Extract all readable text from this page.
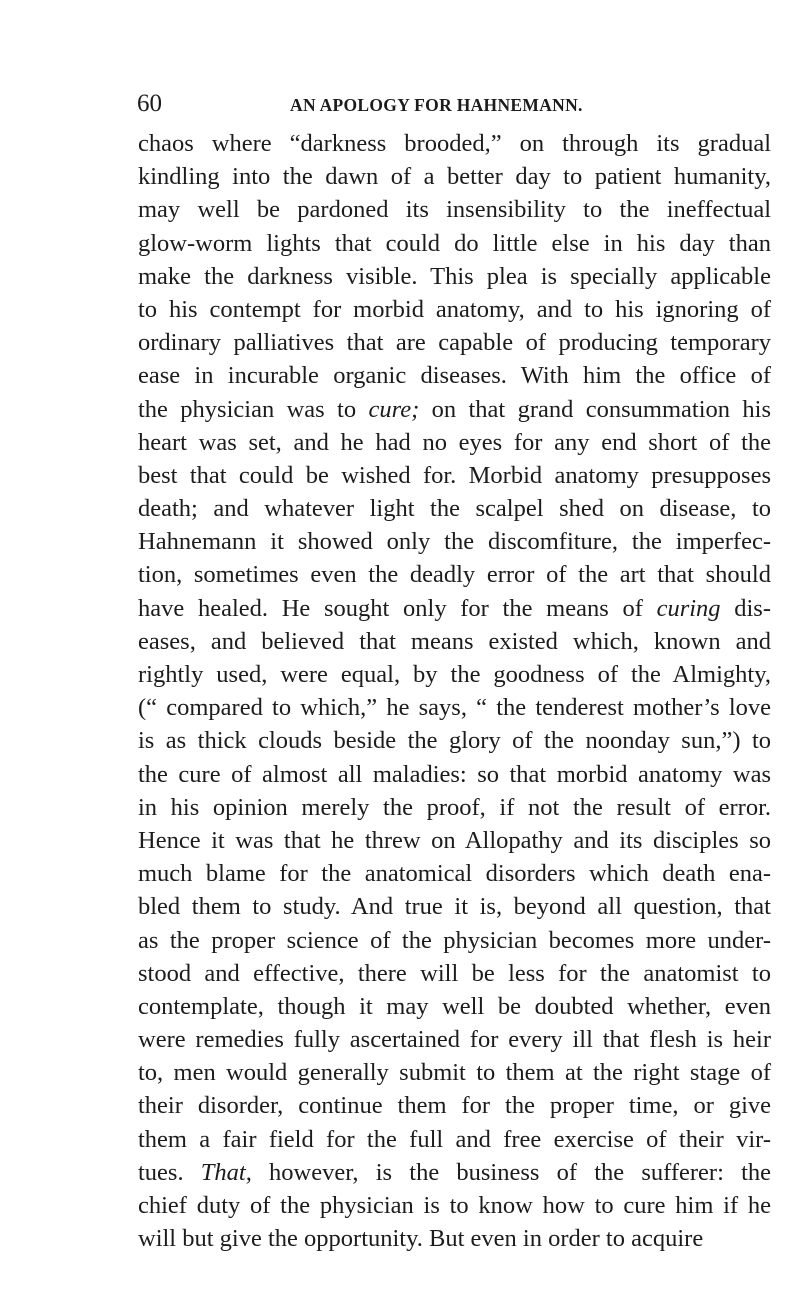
60	AN APOLOGY FOR HAHNEMANN.
chaos where “darkness brooded,” on through its gradual
kindling into the dawn of a better day to patient humanity,
may well be pardoned its insensibility to the ineffectual
glow-worm lights that could do little else in his day than
make the darkness visible. This plea is specially applicable
to his contempt for morbid anatomy, and to his ignoring of
ordinary palliatives that are capable of producing temporary
ease in incurable organic diseases. With him the office of
the physician was to cure; on that grand consummation his
heart was set, and he had no eyes for any end short of the
best that could be wished for. Morbid anatomy presupposes
death; and whatever light the scalpel shed on disease, to
Hahnemann it showed only the discomfiture, the imperfec-
tion, sometimes even the deadly error of the art that should
have healed. He sought only for the means of curing dis-
eases, and believed that means existed which, known and
rightly used, were equal, by the goodness of the Almighty,
(“ compared to which,” he says, “ the tenderest mother’s love
is as thick clouds beside the glory of the noonday sun,”) to
the cure of almost all maladies: so that morbid anatomy was
in his opinion merely the proof, if not the result of error.
Hence it was that he threw on Allopathy and its disciples so
much blame for the anatomical disorders which death ena-
bled them to study. And true it is, beyond all question, that
as the proper science of the physician becomes more under-
stood and effective, there will be less for the anatomist to
contemplate, though it may well be doubted whether, even
were remedies fully ascertained for every ill that flesh is heir
to, men would generally submit to them at the right stage of
their disorder, continue them for the proper time, or give
them a fair field for the full and free exercise of their vir-
tues. That, however, is the business of the sufferer: the
chief duty of the physician is to know how to cure him if he
will but give the opportunity. But even in order to acquire
